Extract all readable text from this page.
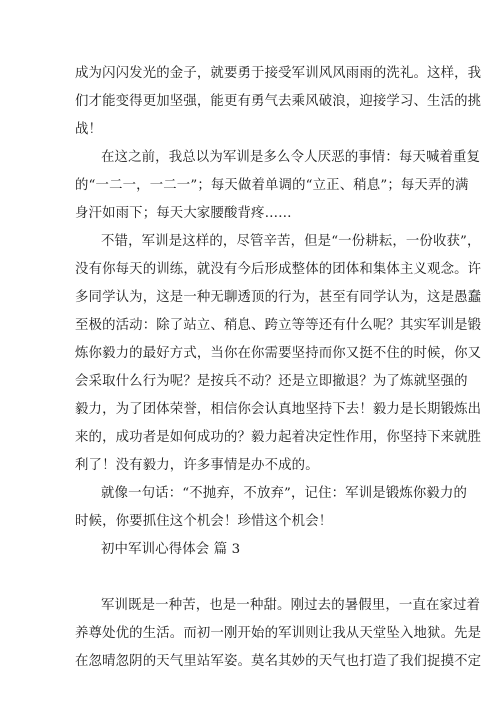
成为闪闪发光的金子，就要勇于接受军训风风雨雨的洗礼。这样，我
们才能变得更加坚强，能更有勇气去乘风破浪，迎接学习、生活的挑
战！
在这之前，我总以为军训是多么令人厌恶的事情：每天喊着重复
的“一二一，一二一”；每天做着单调的“立正、稍息”；每天弄的满
身汗如雨下；每天大家腰酸背疼……
不错，军训是这样的，尽管辛苦，但是“一份耕耘，一份收获”，
没有你每天的训练，就没有今后形成整体的团体和集体主义观念。许
多同学认为，这是一种无聊透顶的行为，甚至有同学认为，这是愚蠢
至极的活动：除了站立、稍息、跨立等等还有什么呢？其实军训是锻
炼你毅力的最好方式，当你在你需要坚持而你又挺不住的时候，你又
会采取什么行为呢？是按兵不动？还是立即撤退？为了炼就坚强的
毅力，为了团体荣誉，相信你会认真地坚持下去！毅力是长期锻炼出
来的，成功者是如何成功的？毅力起着决定性作用，你坚持下来就胜
利了！没有毅力，许多事情是办不成的。
就像一句话：“不抛弃，不放弃”，记住：军训是锻炼你毅力的
时候，你要抓住这个机会！珍惜这个机会！
初中军训心得体会 篇 3
军训既是一种苦，也是一种甜。刚过去的暑假里，一直在家过着
养尊处优的生活。而初一刚开始的军训则让我从天堂坠入地狱。先是
在忽晴忽阴的天气里站军姿。莫名其妙的天气也打造了我们捉摸不定
